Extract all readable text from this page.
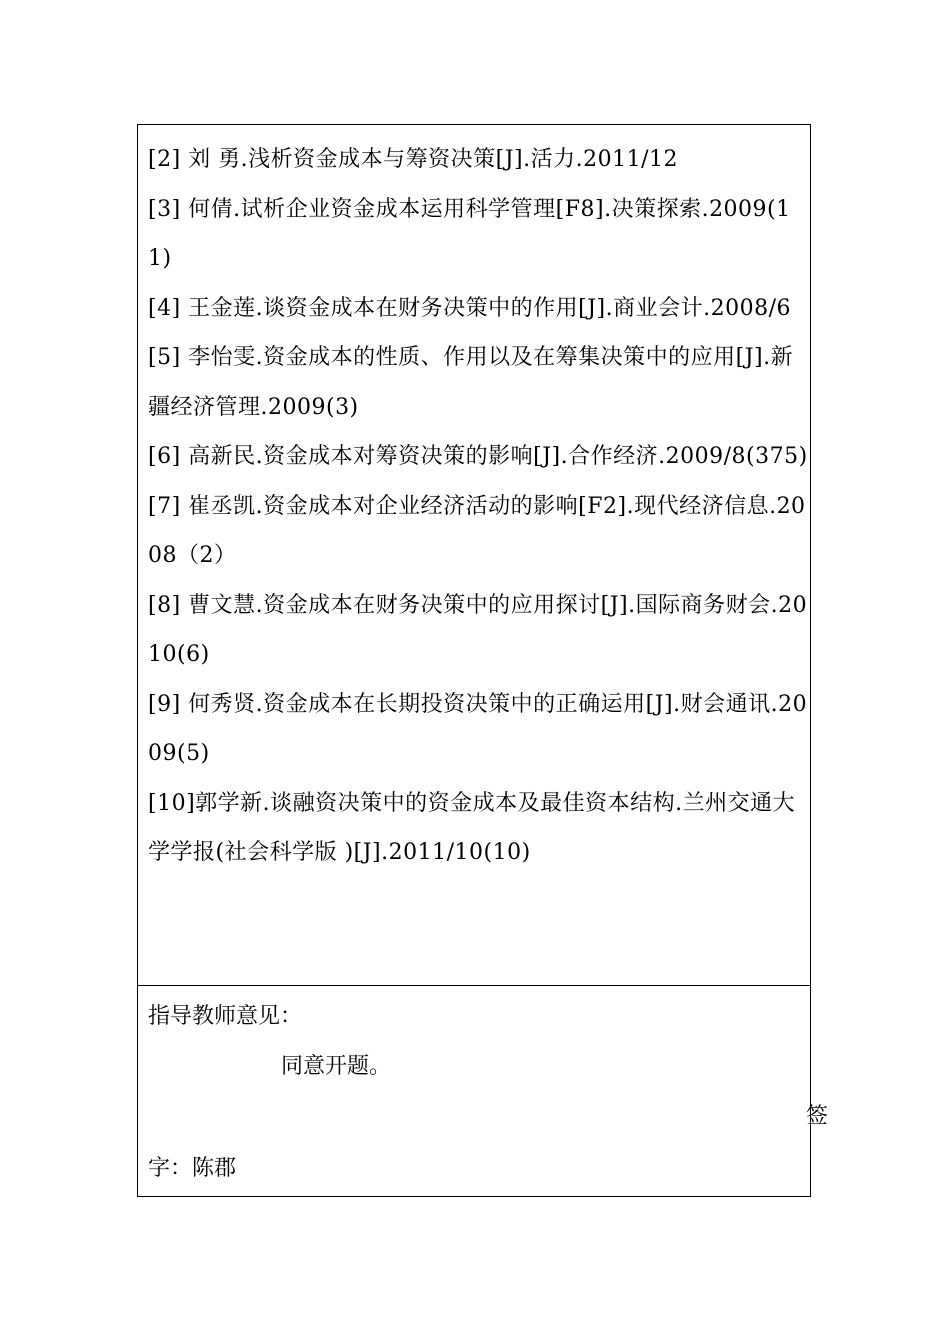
[2] 刘 勇.浅析资金成本与筹资决策[J].活力.2011/12
[3] 何倩.试析企业资金成本运用科学管理[F8].决策探索.2009(11)
[4] 王金莲.谈资金成本在财务决策中的作用[J].商业会计.2008/6
[5] 李怡雯.资金成本的性质、作用以及在筹集决策中的应用[J].新疆经济管理.2009(3)
[6] 高新民.资金成本对筹资决策的影响[J].合作经济.2009/8(375)
[7] 崔丞凯.资金成本对企业经济活动的影响[F2].现代经济信息.2008（2）
[8] 曹文慧.资金成本在财务决策中的应用探讨[J].国际商务财会.2010(6)
[9] 何秀贤.资金成本在长期投资决策中的正确运用[J].财会通讯.2009(5)
[10]郭学新.谈融资决策中的资金成本及最佳资本结构.兰州交通大学学报(社会科学版 )[J].2011/10(10)
指导教师意见：
同意开题。
签
字：陈郡
